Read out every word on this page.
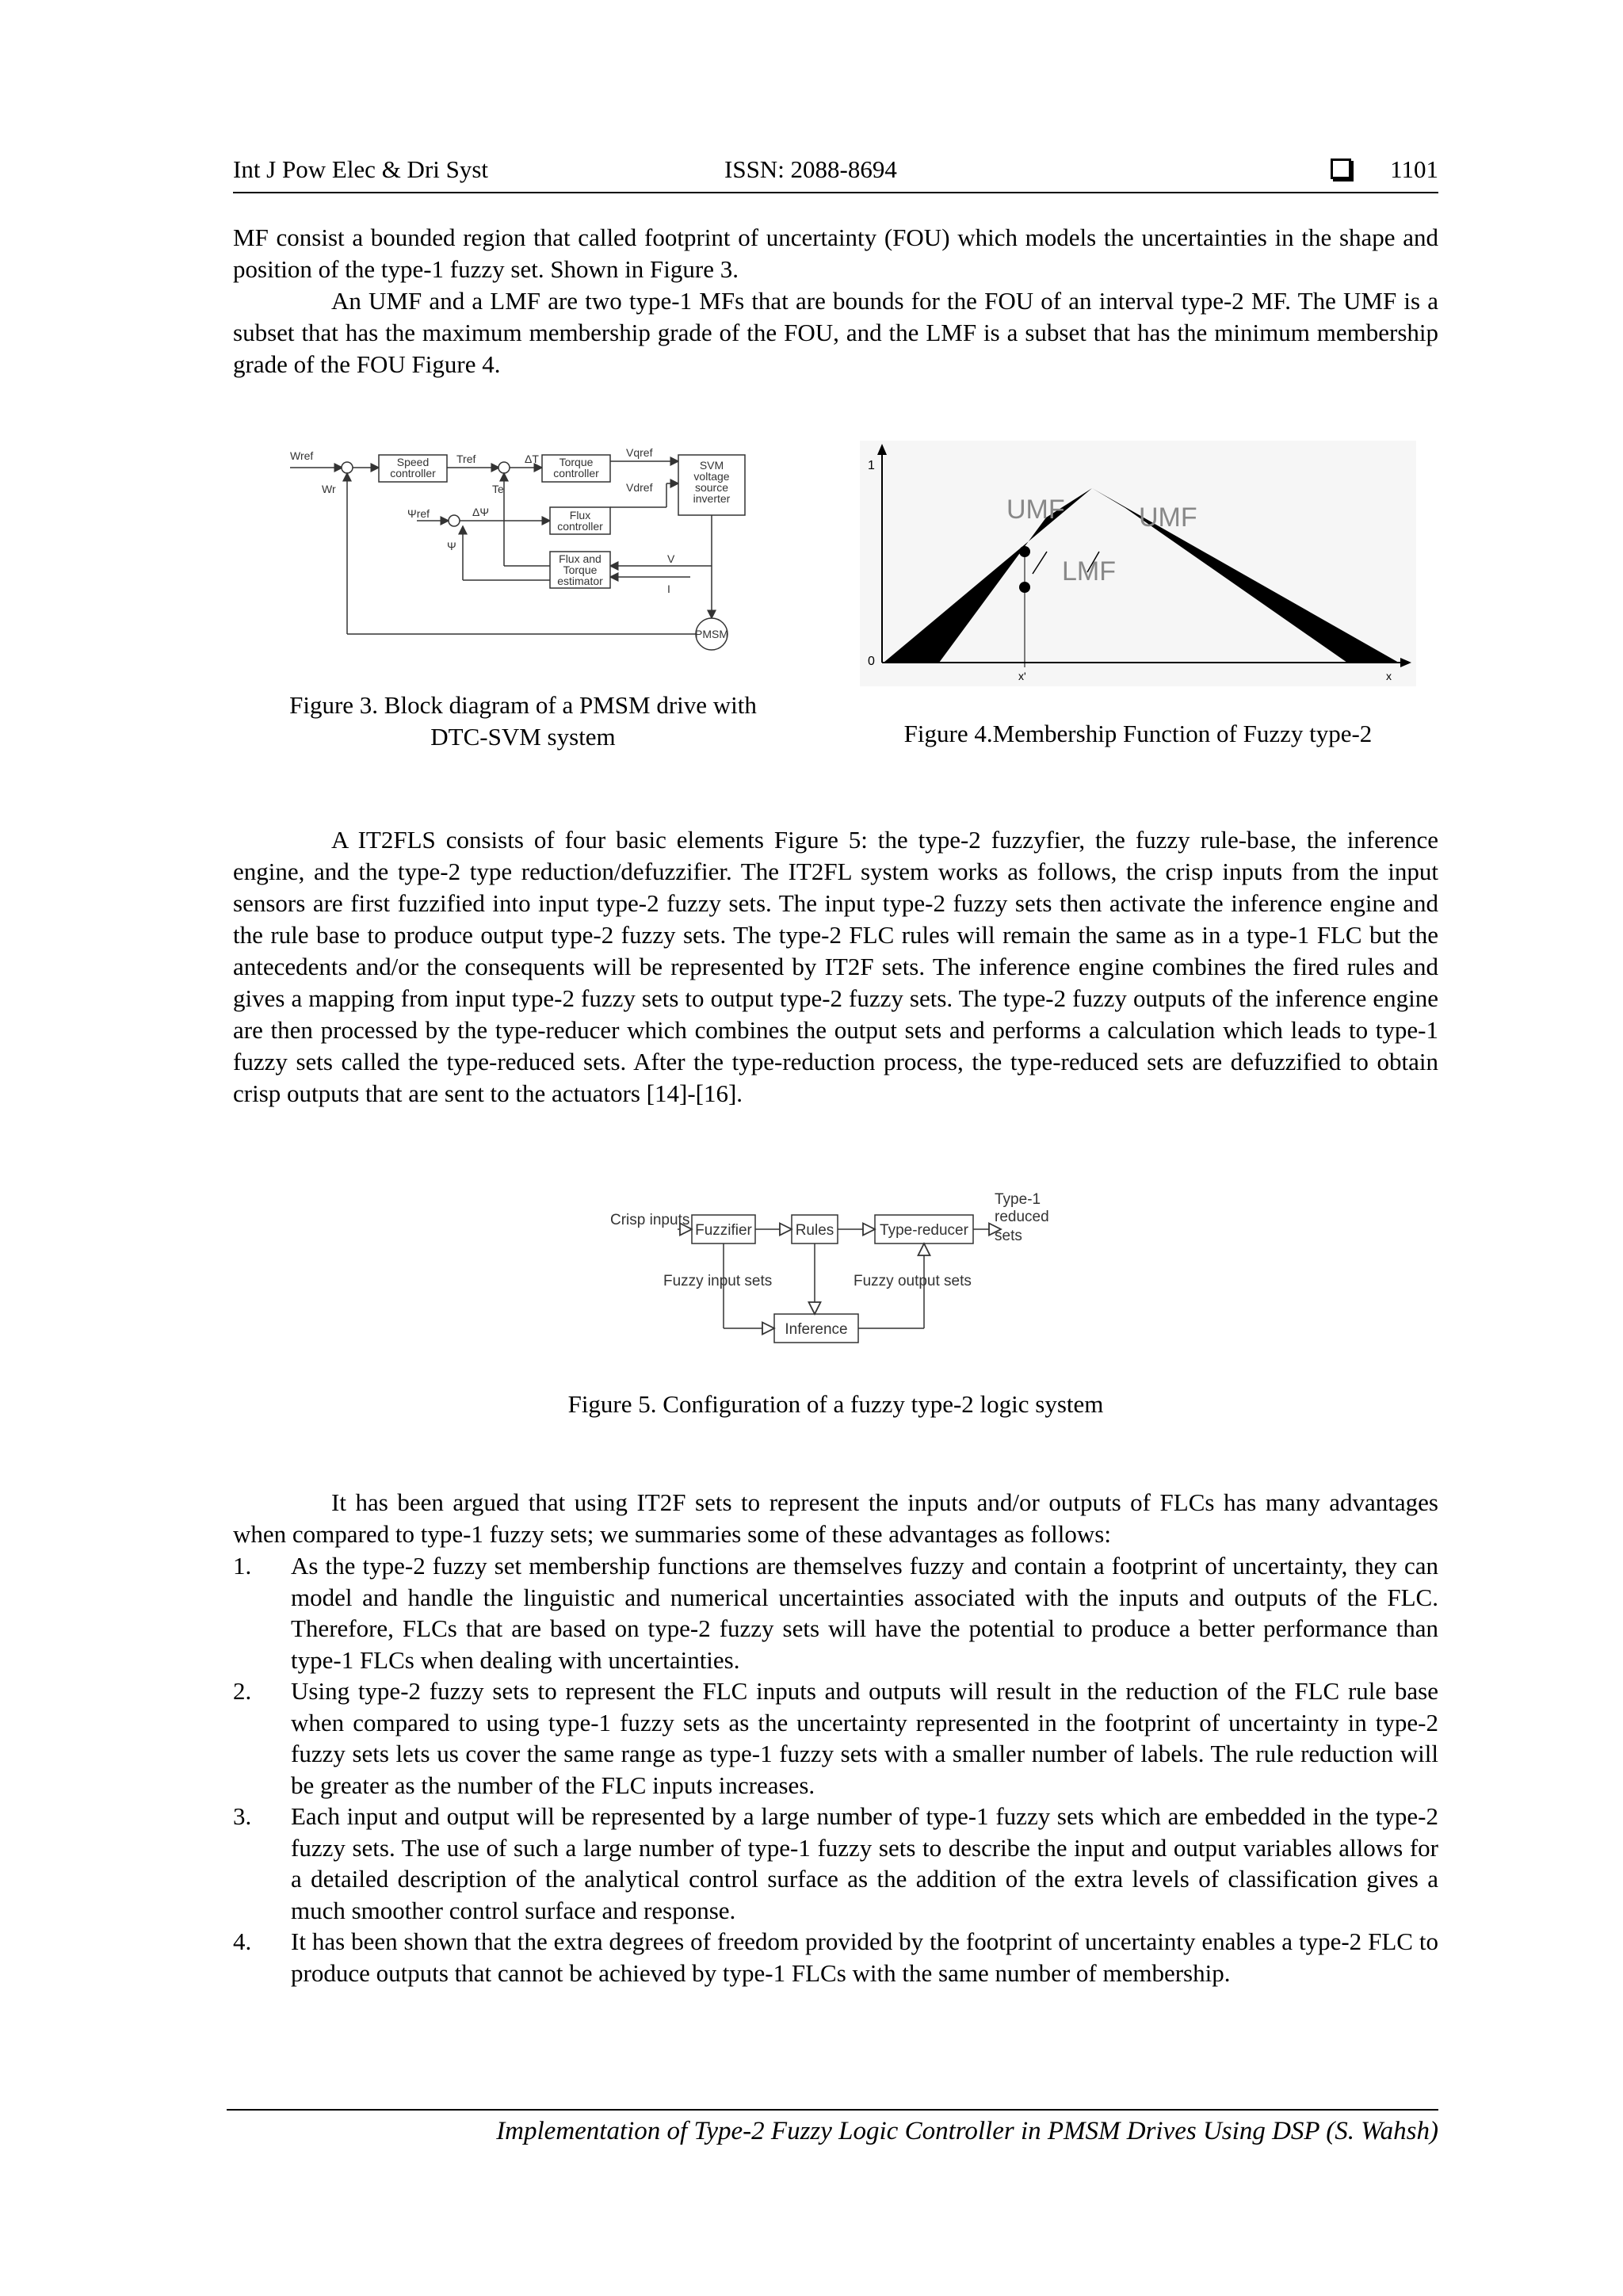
Int J Pow Elec & Dri Syst	ISSN: 2088-8694	1101

MF consist a bounded region that called footprint of uncertainty (FOU) which models the uncertainties in the shape and position of the type-1 fuzzy set. Shown in Figure 3.

An UMF and a LMF are two type-1 MFs that are bounds for the FOU of an interval type-2 MF. The UMF is a subset that has the maximum membership grade of the FOU, and the LMF is a subset that has the minimum membership grade of the FOU Figure 4.

Wref
Wr
Speed
controller
Tref	ΔT
Te
Torque
controller
Vqref
Vdref
SVM
voltage
source
inverter
Ψref	ΔΨ
Ψ
Flux
controller
Flux and
Torque
estimator
V
I
PMSM

Figure 3. Block diagram of a PMSM drive with
DTC-SVM system

1
0
UMF	UMF
LMF
x'	x

Figure 4.Membership Function of Fuzzy type-2

A IT2FLS consists of four basic elements Figure 5: the type-2 fuzzyfier, the fuzzy rule-base, the inference engine, and the type-2 type reduction/defuzzifier. The IT2FL system works as follows, the crisp inputs from the input sensors are first fuzzified into input type-2 fuzzy sets. The input type-2 fuzzy sets then activate the inference engine and the rule base to produce output type-2 fuzzy sets. The type-2 FLC rules will remain the same as in a type-1 FLC but the antecedents and/or the consequents will be represented by IT2F sets. The inference engine combines the fired rules and gives a mapping from input type-2 fuzzy sets to output type-2 fuzzy sets. The type-2 fuzzy outputs of the inference engine are then processed by the type-reducer which combines the output sets and performs a calculation which leads to type-1 fuzzy sets called the type-reduced sets. After the type-reduction process, the type-reduced sets are defuzzified to obtain crisp outputs that are sent to the actuators [14]-[16].

Crisp inputs
Fuzzifier	Rules	Type-reducer
Type-1
reduced
sets
Fuzzy input sets	Fuzzy output sets
Inference

Figure 5. Configuration of a fuzzy type-2 logic system

It has been argued that using IT2F sets to represent the inputs and/or outputs of FLCs has many advantages when compared to type-1 fuzzy sets; we summaries some of these advantages as follows:

1. As the type-2 fuzzy set membership functions are themselves fuzzy and contain a footprint of uncertainty, they can model and handle the linguistic and numerical uncertainties associated with the inputs and outputs of the FLC. Therefore, FLCs that are based on type-2 fuzzy sets will have the potential to produce a better performance than type-1 FLCs when dealing with uncertainties.
2. Using type-2 fuzzy sets to represent the FLC inputs and outputs will result in the reduction of the FLC rule base when compared to using type-1 fuzzy sets as the uncertainty represented in the footprint of uncertainty in type-2 fuzzy sets lets us cover the same range as type-1 fuzzy sets with a smaller number of labels. The rule reduction will be greater as the number of the FLC inputs increases.
3. Each input and output will be represented by a large number of type-1 fuzzy sets which are embedded in the type-2 fuzzy sets. The use of such a large number of type-1 fuzzy sets to describe the input and output variables allows for a detailed description of the analytical control surface as the addition of the extra levels of classification gives a much smoother control surface and response.
4. It has been shown that the extra degrees of freedom provided by the footprint of uncertainty enables a type-2 FLC to produce outputs that cannot be achieved by type-1 FLCs with the same number of membership.

Implementation of Type-2 Fuzzy Logic Controller in PMSM Drives Using DSP (S. Wahsh)
